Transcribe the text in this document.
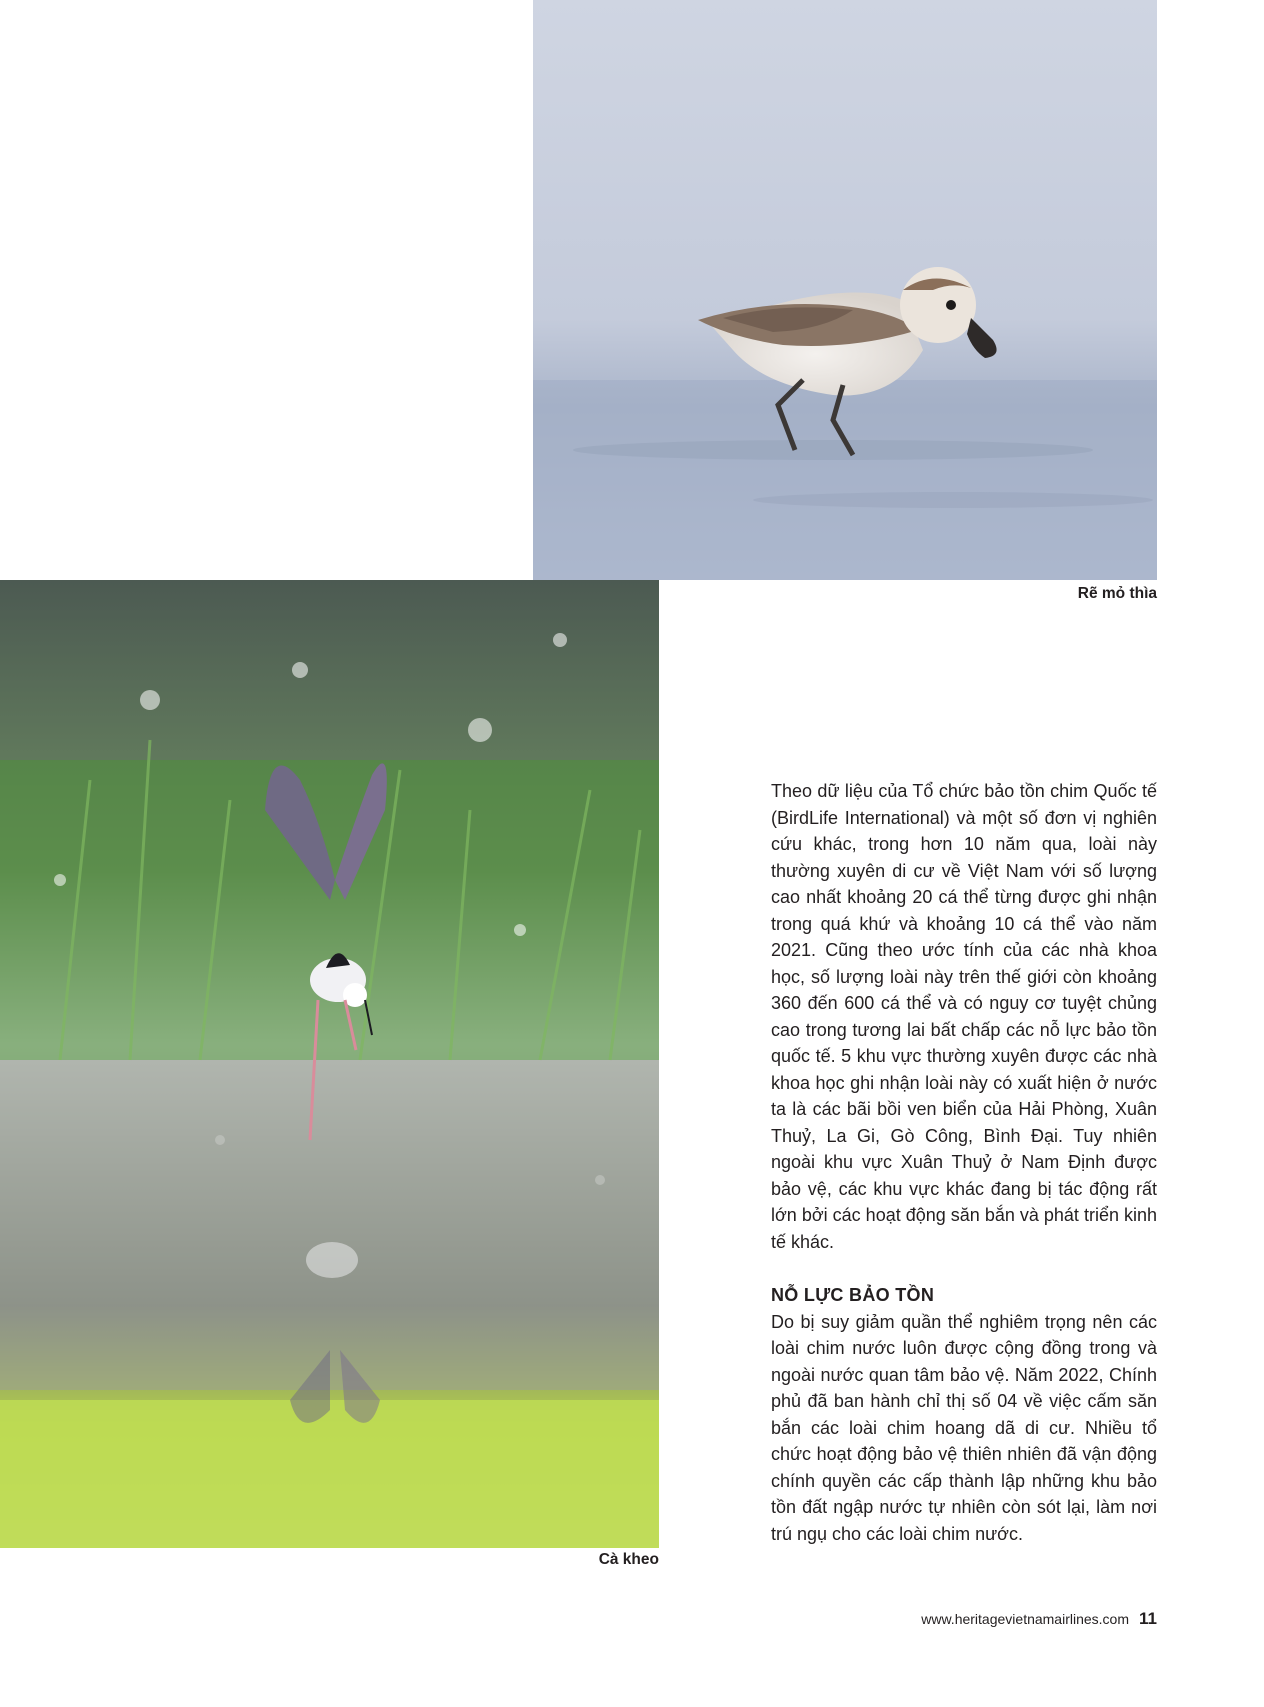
Rẽ mỏ thìa
Cà kheo

Theo dữ liệu của Tổ chức bảo tồn chim Quốc tế (BirdLife International) và một số đơn vị nghiên cứu khác, trong hơn 10 năm qua, loài này thường xuyên di cư về Việt Nam với số lượng cao nhất khoảng 20 cá thể từng được ghi nhận trong quá khứ và khoảng 10 cá thể vào năm 2021. Cũng theo ước tính của các nhà khoa học, số lượng loài này trên thế giới còn khoảng 360 đến 600 cá thể và có nguy cơ tuyệt chủng cao trong tương lai bất chấp các nỗ lực bảo tồn quốc tế. 5 khu vực thường xuyên được các nhà khoa học ghi nhận loài này có xuất hiện ở nước ta là các bãi bồi ven biển của Hải Phòng, Xuân Thuỷ, La Gi, Gò Công, Bình Đại. Tuy nhiên ngoài khu vực Xuân Thuỷ ở Nam Định được bảo vệ, các khu vực khác đang bị tác động rất lớn bởi các hoạt động săn bắn và phát triển kinh tế khác.

NỖ LỰC BẢO TỒN

Do bị suy giảm quần thể nghiêm trọng nên các loài chim nước luôn được cộng đồng trong và ngoài nước quan tâm bảo vệ. Năm 2022, Chính phủ đã ban hành chỉ thị số 04 về việc cấm săn bắn các loài chim hoang dã di cư. Nhiều tổ chức hoạt động bảo vệ thiên nhiên đã vận động chính quyền các cấp thành lập những khu bảo tồn đất ngập nước tự nhiên còn sót lại, làm nơi trú ngụ cho các loài chim nước.

www.heritagevietnamairlines.com 11
